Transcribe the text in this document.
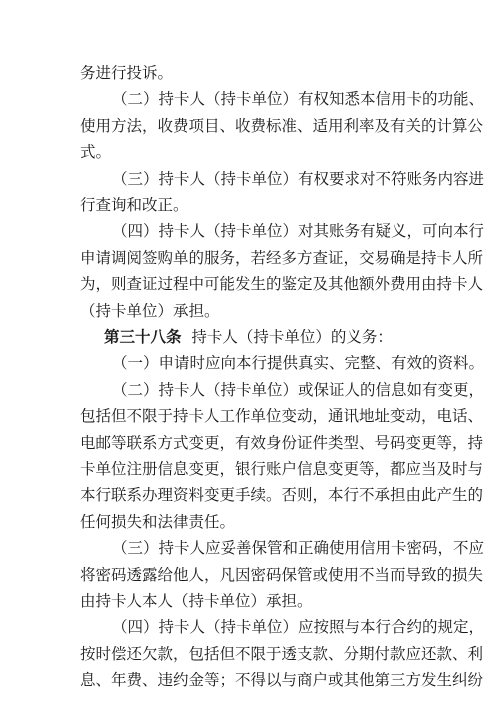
务进行投诉。
（二）持卡人（持卡单位）有权知悉本信用卡的功能、
使用方法，收费项目、收费标准、适用利率及有关的计算公
式。
（三）持卡人（持卡单位）有权要求对不符账务内容进
行查询和改正。
（四）持卡人（持卡单位）对其账务有疑义，可向本行
申请调阅签购单的服务，若经多方查证，交易确是持卡人所
为，则查证过程中可能发生的鉴定及其他额外费用由持卡人
（持卡单位）承担。
第三十八条 持卡人（持卡单位）的义务：
（一）申请时应向本行提供真实、完整、有效的资料。
（二）持卡人（持卡单位）或保证人的信息如有变更，
包括但不限于持卡人工作单位变动，通讯地址变动，电话、
电邮等联系方式变更，有效身份证件类型、号码变更等，持
卡单位注册信息变更，银行账户信息变更等，都应当及时与
本行联系办理资料变更手续。否则，本行不承担由此产生的
任何损失和法律责任。
（三）持卡人应妥善保管和正确使用信用卡密码，不应
将密码透露给他人，凡因密码保管或使用不当而导致的损失
由持卡人本人（持卡单位）承担。
（四）持卡人（持卡单位）应按照与本行合约的规定，
按时偿还欠款，包括但不限于透支款、分期付款应还款、利
息、年费、违约金等；不得以与商户或其他第三方发生纠纷
